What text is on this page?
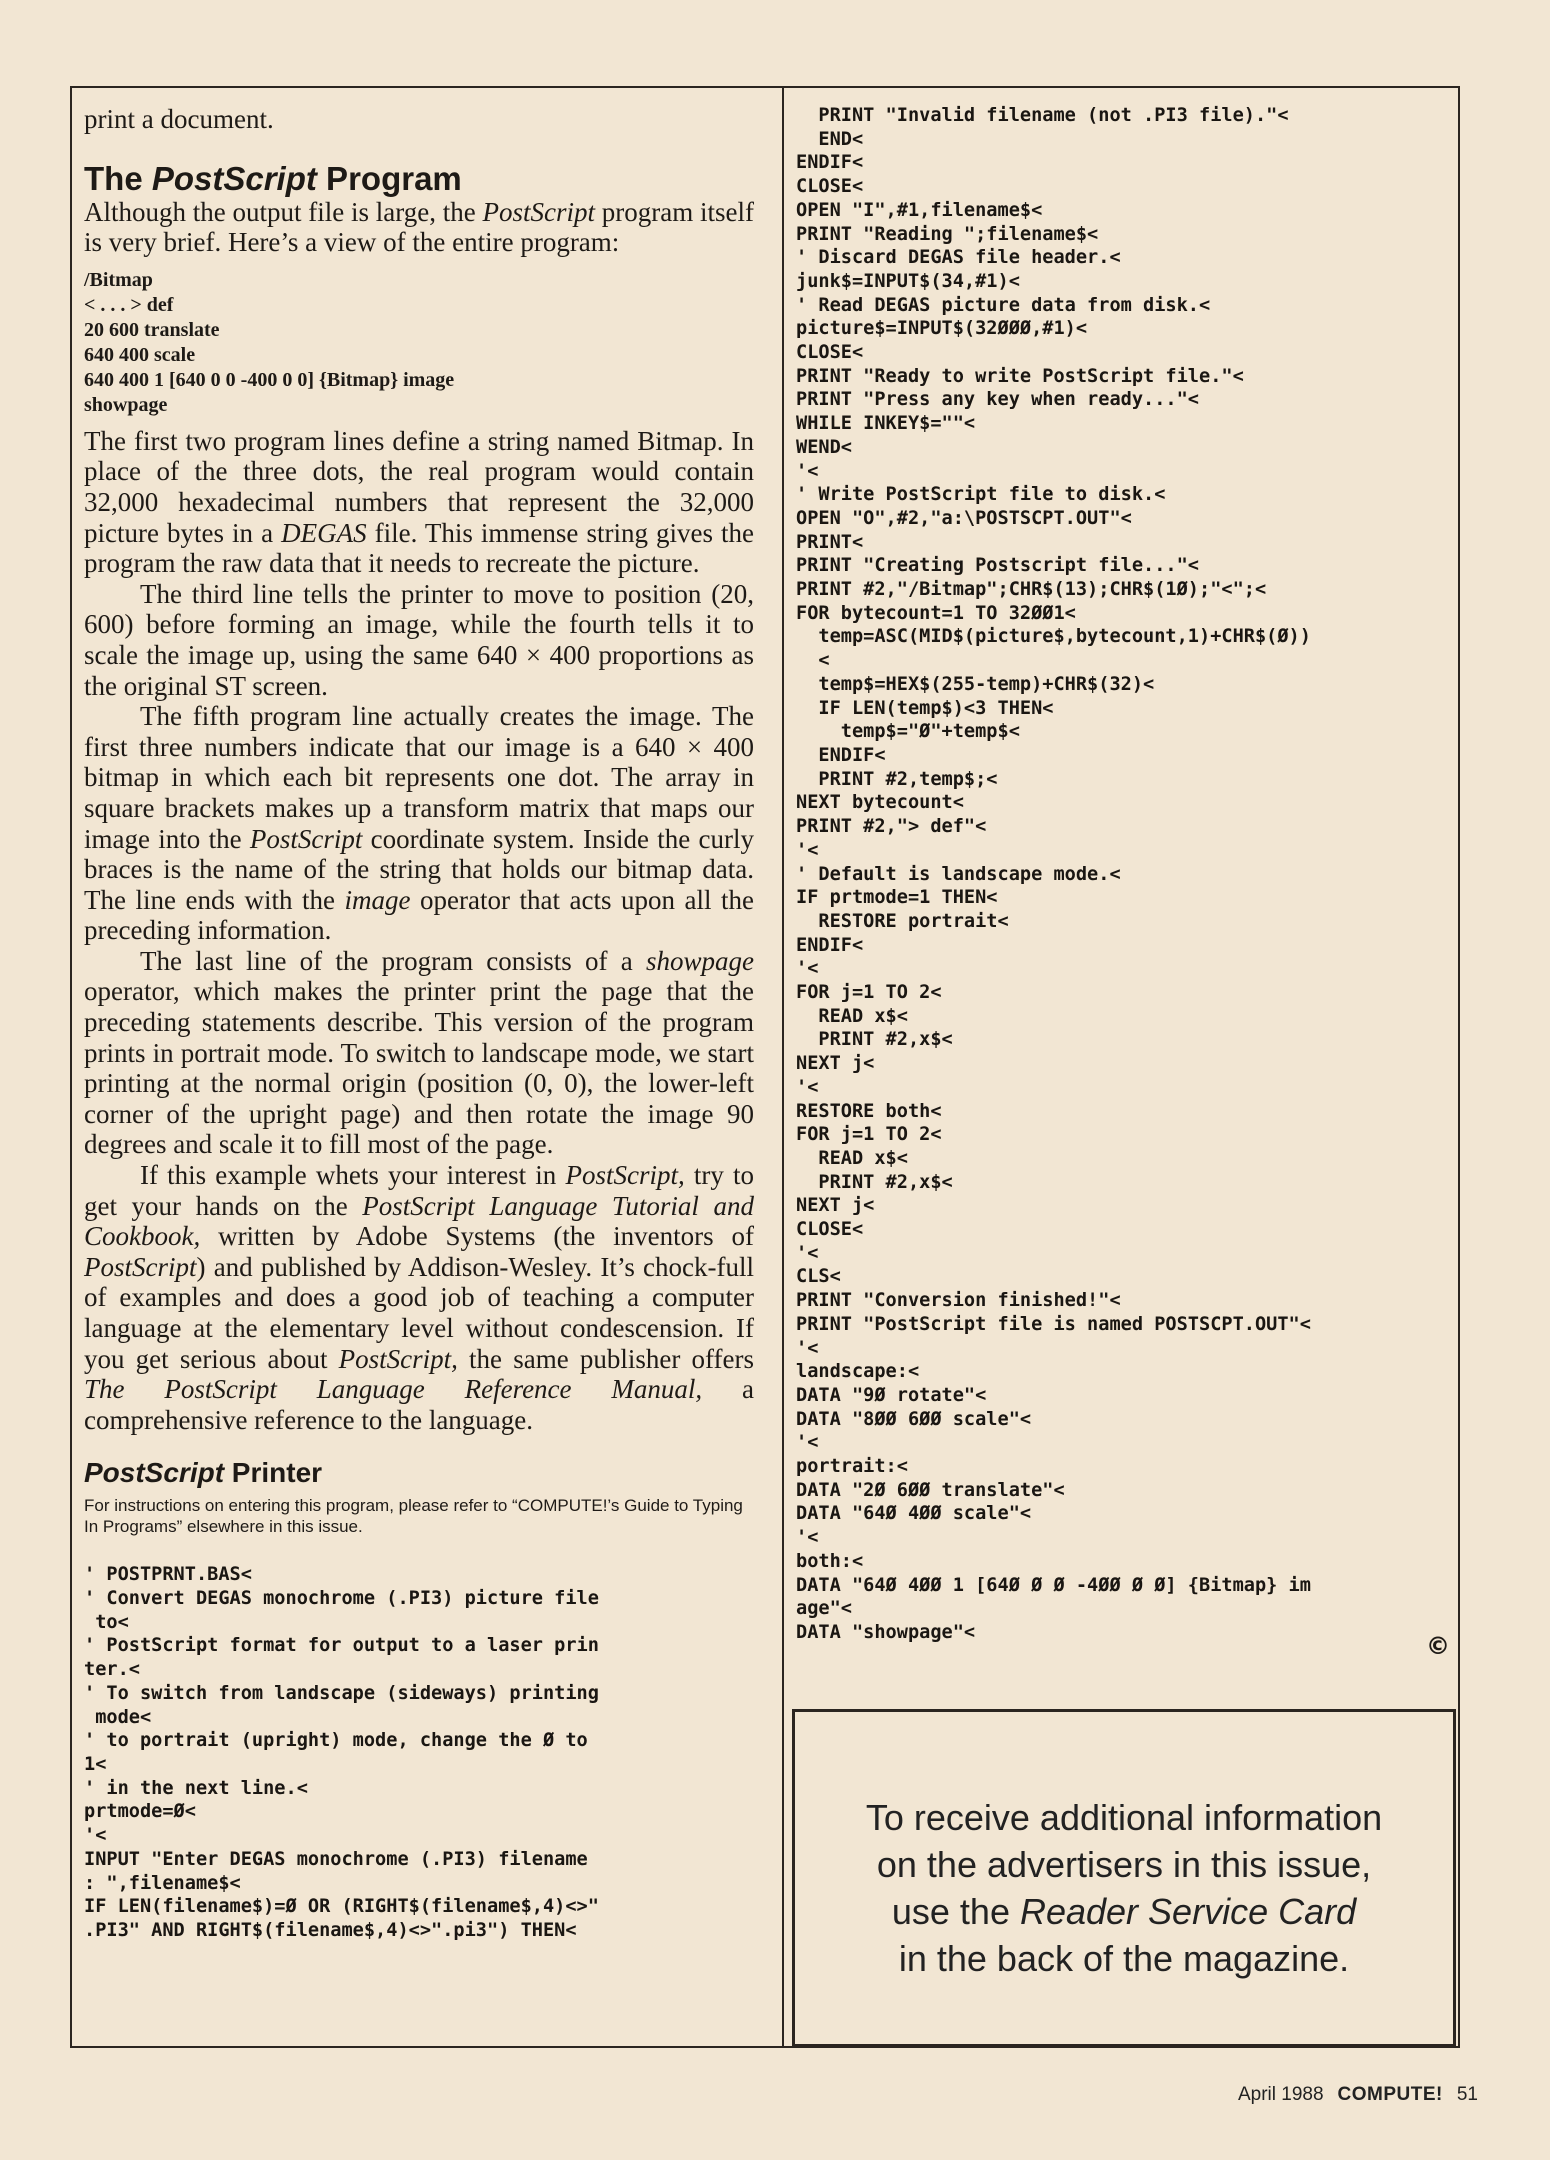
print a document.

The PostScript Program

Although the output file is large, the PostScript program itself is very brief. Here’s a view of the entire program:

/Bitmap
< . . . > def
20 600 translate
640 400 scale
640 400 1 [640 0 0 -400 0 0] {Bitmap} image
showpage

The first two program lines define a string named Bitmap. In place of the three dots, the real program would contain 32,000 hexadecimal numbers that represent the 32,000 picture bytes in a DEGAS file. This immense string gives the program the raw data that it needs to recreate the picture.

The third line tells the printer to move to position (20, 600) before forming an image, while the fourth tells it to scale the image up, using the same 640 × 400 proportions as the original ST screen.

The fifth program line actually creates the image. The first three numbers indicate that our image is a 640 × 400 bitmap in which each bit represents one dot. The array in square brackets makes up a transform matrix that maps our image into the PostScript coordinate system. Inside the curly braces is the name of the string that holds our bitmap data. The line ends with the image operator that acts upon all the preceding information.

The last line of the program consists of a showpage operator, which makes the printer print the page that the preceding statements describe. This version of the program prints in portrait mode. To switch to landscape mode, we start printing at the normal origin (position (0, 0), the lower-left corner of the upright page) and then rotate the image 90 degrees and scale it to fill most of the page.

If this example whets your interest in PostScript, try to get your hands on the PostScript Language Tutorial and Cookbook, written by Adobe Systems (the inventors of PostScript) and published by Addison-Wesley. It’s chock-full of examples and does a good job of teaching a computer language at the elementary level without condescension. If you get serious about PostScript, the same publisher offers The PostScript Language Reference Manual, a comprehensive reference to the language.

PostScript Printer

For instructions on entering this program, please refer to “COMPUTE!’s Guide to Typing In Programs” elsewhere in this issue.

' POSTPRNT.BAS<
' Convert DEGAS monochrome (.PI3) picture file
to<
' PostScript format for output to a laser prin
ter.<
' To switch from landscape (sideways) printing
mode<
' to portrait (upright) mode, change the Ø to
1<
' in the next line.<
prtmode=Ø<
'<
INPUT "Enter DEGAS monochrome (.PI3) filename
: ",filename$<
IF LEN(filename$)=Ø OR (RIGHT$(filename$,4)<>"
.PI3" AND RIGHT$(filename$,4)<>".pi3") THEN<
PRINT "Invalid filename (not .PI3 file)."<
END<
ENDIF<
CLOSE<
OPEN "I",#1,filename$<
PRINT "Reading ";filename$<
' Discard DEGAS file header.<
junk$=INPUT$(34,#1)<
' Read DEGAS picture data from disk.<
picture$=INPUT$(32ØØØ,#1)<
CLOSE<
PRINT "Ready to write PostScript file."<
PRINT "Press any key when ready..."<
WHILE INKEY$=""<
WEND<
'<
' Write PostScript file to disk.<
OPEN "O",#2,"a:\POSTSCPT.OUT"<
PRINT<
PRINT "Creating Postscript file..."<
PRINT #2,"/Bitmap";CHR$(13);CHR$(1Ø);"<";<
FOR bytecount=1 TO 32ØØ1<
temp=ASC(MID$(picture$,bytecount,1)+CHR$(Ø))
<
temp$=HEX$(255-temp)+CHR$(32)<
IF LEN(temp$)<3 THEN<
temp$="Ø"+temp$<
ENDIF<
PRINT #2,temp$;<
NEXT bytecount<
PRINT #2,"> def"<
'<
' Default is landscape mode.<
IF prtmode=1 THEN<
RESTORE portrait<
ENDIF<
'<
FOR j=1 TO 2<
READ x$<
PRINT #2,x$<
NEXT j<
'<
RESTORE both<
FOR j=1 TO 2<
READ x$<
PRINT #2,x$<
NEXT j<
CLOSE<
'<
CLS<
PRINT "Conversion finished!"<
PRINT "PostScript file is named POSTSCPT.OUT"<
'<
landscape:<
DATA "9Ø rotate"<
DATA "8ØØ 6ØØ scale"<
'<
portrait:<
DATA "2Ø 6ØØ translate"<
DATA "64Ø 4ØØ scale"<
'<
both:<
DATA "64Ø 4ØØ 1 [64Ø Ø Ø -4ØØ Ø Ø] {Bitmap} im
age"<
DATA "showpage"<	©
To receive additional information
on the advertisers in this issue,
use the Reader Service Card
in the back of the magazine.
April 1988 COMPUTE! 51
